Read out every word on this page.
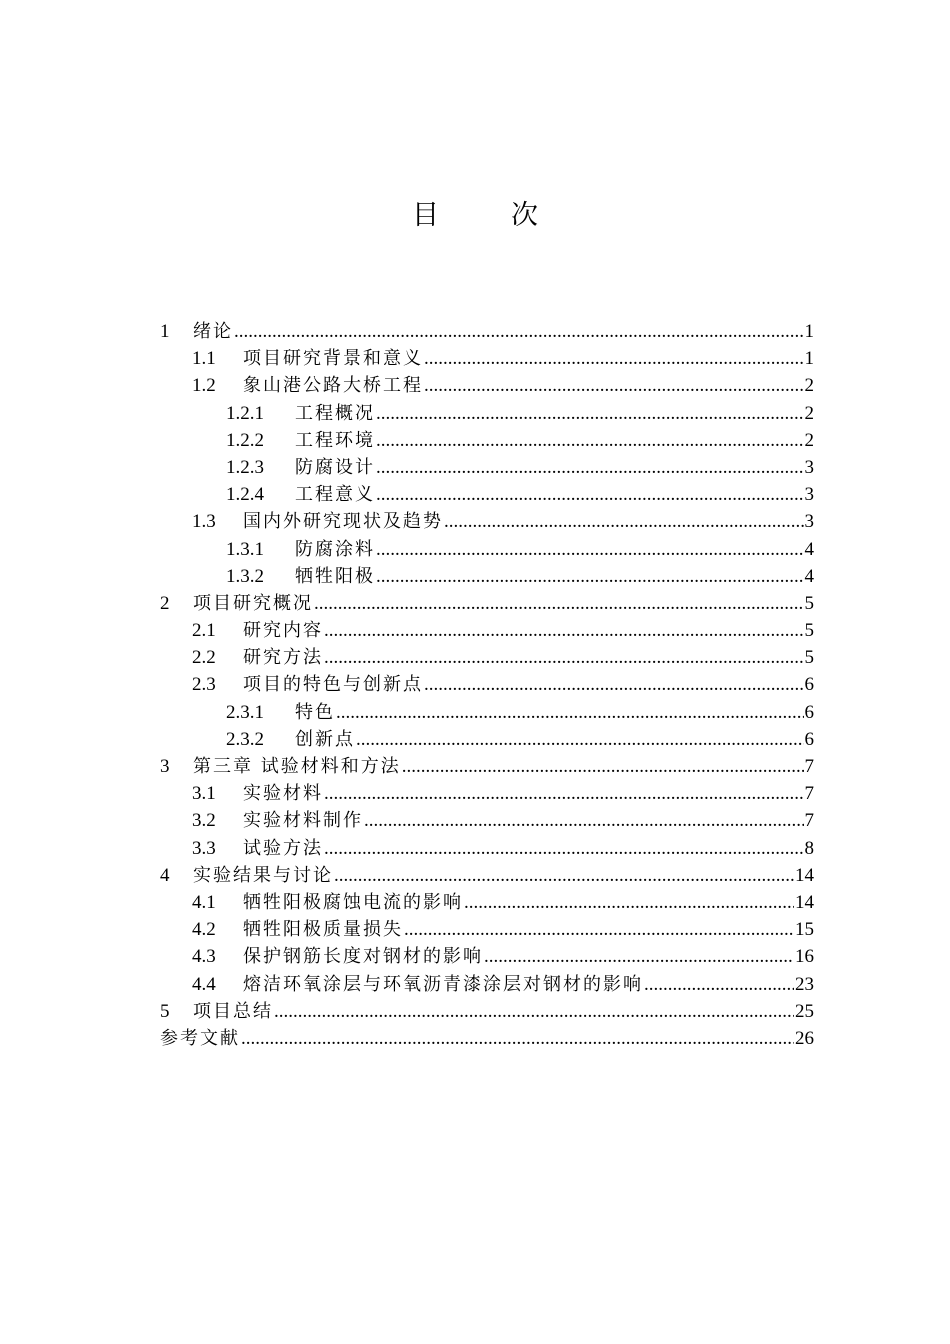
目	次
1	绪论 .....	1
1.1	项目研究背景和意义 .....	1
1.2	象山港公路大桥工程 .....	2
1.2.1	工程概况 .....	2
1.2.2	工程环境 .....	2
1.2.3	防腐设计 .....	3
1.2.4	工程意义 .....	3
1.3	国内外研究现状及趋势 .....	3
1.3.1	防腐涂料 .....	4
1.3.2	牺牲阳极 .....	4
2	项目研究概况 .....	5
2.1	研究内容 .....	5
2.2	研究方法 .....	5
2.3	项目的特色与创新点 .....	6
2.3.1	特色 .....	6
2.3.2	创新点 .....	6
3	第三章 试验材料和方法 .....	7
3.1	实验材料 .....	7
3.2	实验材料制作 .....	7
3.3	试验方法 .....	8
4	实验结果与讨论 .....	14
4.1	牺牲阳极腐蚀电流的影响 .....	14
4.2	牺牲阳极质量损失 .....	15
4.3	保护钢筋长度对钢材的影响 .....	16
4.4	熔洁环氧涂层与环氧沥青漆涂层对钢材的影响 .....	23
5	项目总结 .....	25
参考文献 .....	26
